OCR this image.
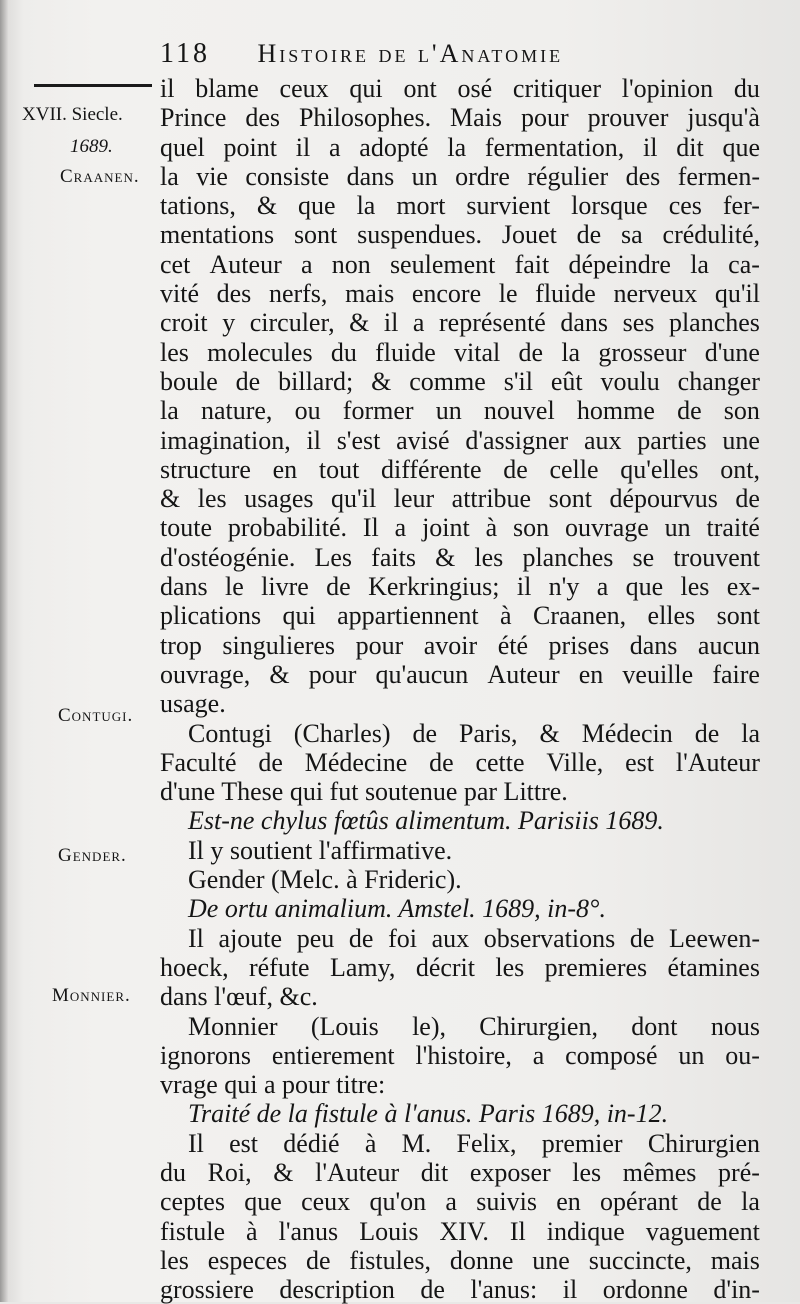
118 Histoire de l'Anatomie
XVII. Siecle.
1689.
Craanen.
Contugi.
Gender.
Monnier.
il blame ceux qui ont osé critiquer l'opinion du
Prince des Philosophes. Mais pour prouver jusqu'à
quel point il a adopté la fermentation, il dit que
la vie consiste dans un ordre régulier des fermen-
tations, & que la mort survient lorsque ces fer-
mentations sont suspendues. Jouet de sa crédulité,
cet Auteur a non seulement fait dépeindre la ca-
vité des nerfs, mais encore le fluide nerveux qu'il
croit y circuler, & il a représenté dans ses planches
les molecules du fluide vital de la grosseur d'une
boule de billard; & comme s'il eût voulu changer
la nature, ou former un nouvel homme de son
imagination, il s'est avisé d'assigner aux parties une
structure en tout différente de celle qu'elles ont,
& les usages qu'il leur attribue sont dépourvus de
toute probabilité. Il a joint à son ouvrage un traité
d'ostéogénie. Les faits & les planches se trouvent
dans le livre de Kerkringius; il n'y a que les ex-
plications qui appartiennent à Craanen, elles sont
trop singulieres pour avoir été prises dans aucun
ouvrage, & pour qu'aucun Auteur en veuille faire
usage.
Contugi (Charles) de Paris, & Médecin de la
Faculté de Médecine de cette Ville, est l'Auteur
d'une These qui fut soutenue par Littre.
Est-ne chylus fœtûs alimentum. Parisiis 1689.
Il y soutient l'affirmative.
Gender (Melc. à Frideric).
De ortu animalium. Amstel. 1689, in-8°.
Il ajoute peu de foi aux observations de Leewen-
hoeck, réfute Lamy, décrit les premieres étamines
dans l'œuf, &c.
Monnier (Louis le), Chirurgien, dont nous
ignorons entierement l'histoire, a composé un ou-
vrage qui a pour titre:
Traité de la fistule à l'anus. Paris 1689, in-12.
Il est dédié à M. Felix, premier Chirurgien
du Roi, & l'Auteur dit exposer les mêmes pré-
ceptes que ceux qu'on a suivis en opérant de la
fistule à l'anus Louis XIV. Il indique vaguement
les especes de fistules, donne une succincte, mais
grossiere description de l'anus: il ordonne d'in-
